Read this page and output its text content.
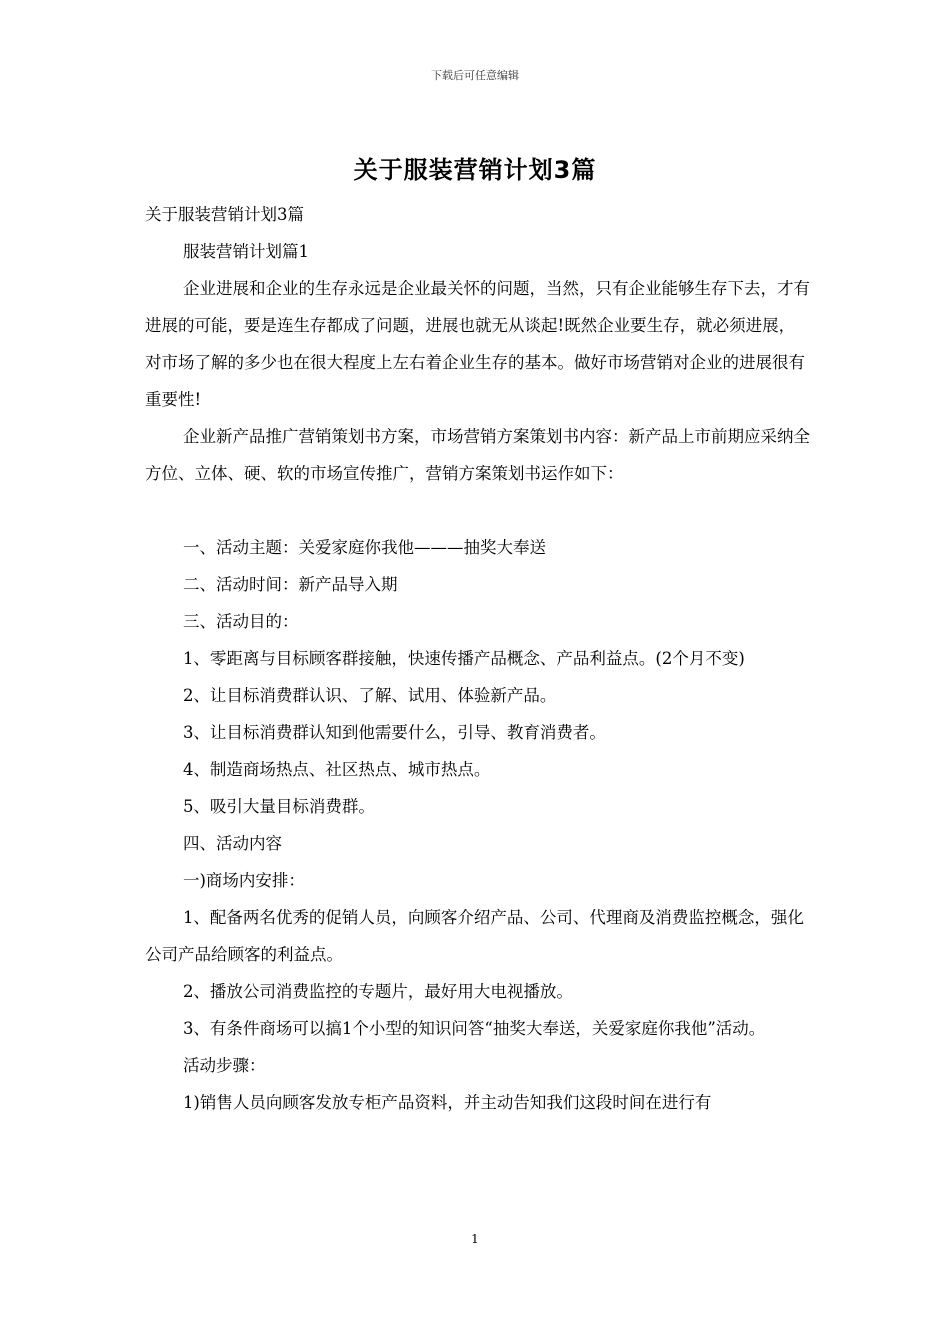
下载后可任意编辑
关于服装营销计划3篇

关于服装营销计划3篇

服装营销计划篇1

企业进展和企业的生存永远是企业最关怀的问题，当然，只有企业能够生存下去，才有进展的可能，要是连生存都成了问题，进展也就无从谈起!既然企业要生存，就必须进展，对市场了解的多少也在很大程度上左右着企业生存的基本。做好市场营销对企业的进展很有重要性!

企业新产品推广营销策划书方案，市场营销方案策划书内容：新产品上市前期应采纳全方位、立体、硬、软的市场宣传推广，营销方案策划书运作如下：

一、活动主题：关爱家庭你我他———抽奖大奉送

二、活动时间：新产品导入期

三、活动目的：

1、零距离与目标顾客群接触，快速传播产品概念、产品利益点。(2个月不变)

2、让目标消费群认识、了解、试用、体验新产品。

3、让目标消费群认知到他需要什么，引导、教育消费者。

4、制造商场热点、社区热点、城市热点。

5、吸引大量目标消费群。

四、活动内容

一)商场内安排：

1、配备两名优秀的促销人员，向顾客介绍产品、公司、代理商及消费监控概念，强化公司产品给顾客的利益点。

2、播放公司消费监控的专题片，最好用大电视播放。

3、有条件商场可以搞1个小型的知识问答“抽奖大奉送，关爱家庭你我他”活动。

活动步骤：

1)销售人员向顾客发放专柜产品资料，并主动告知我们这段时间在进行有

1
